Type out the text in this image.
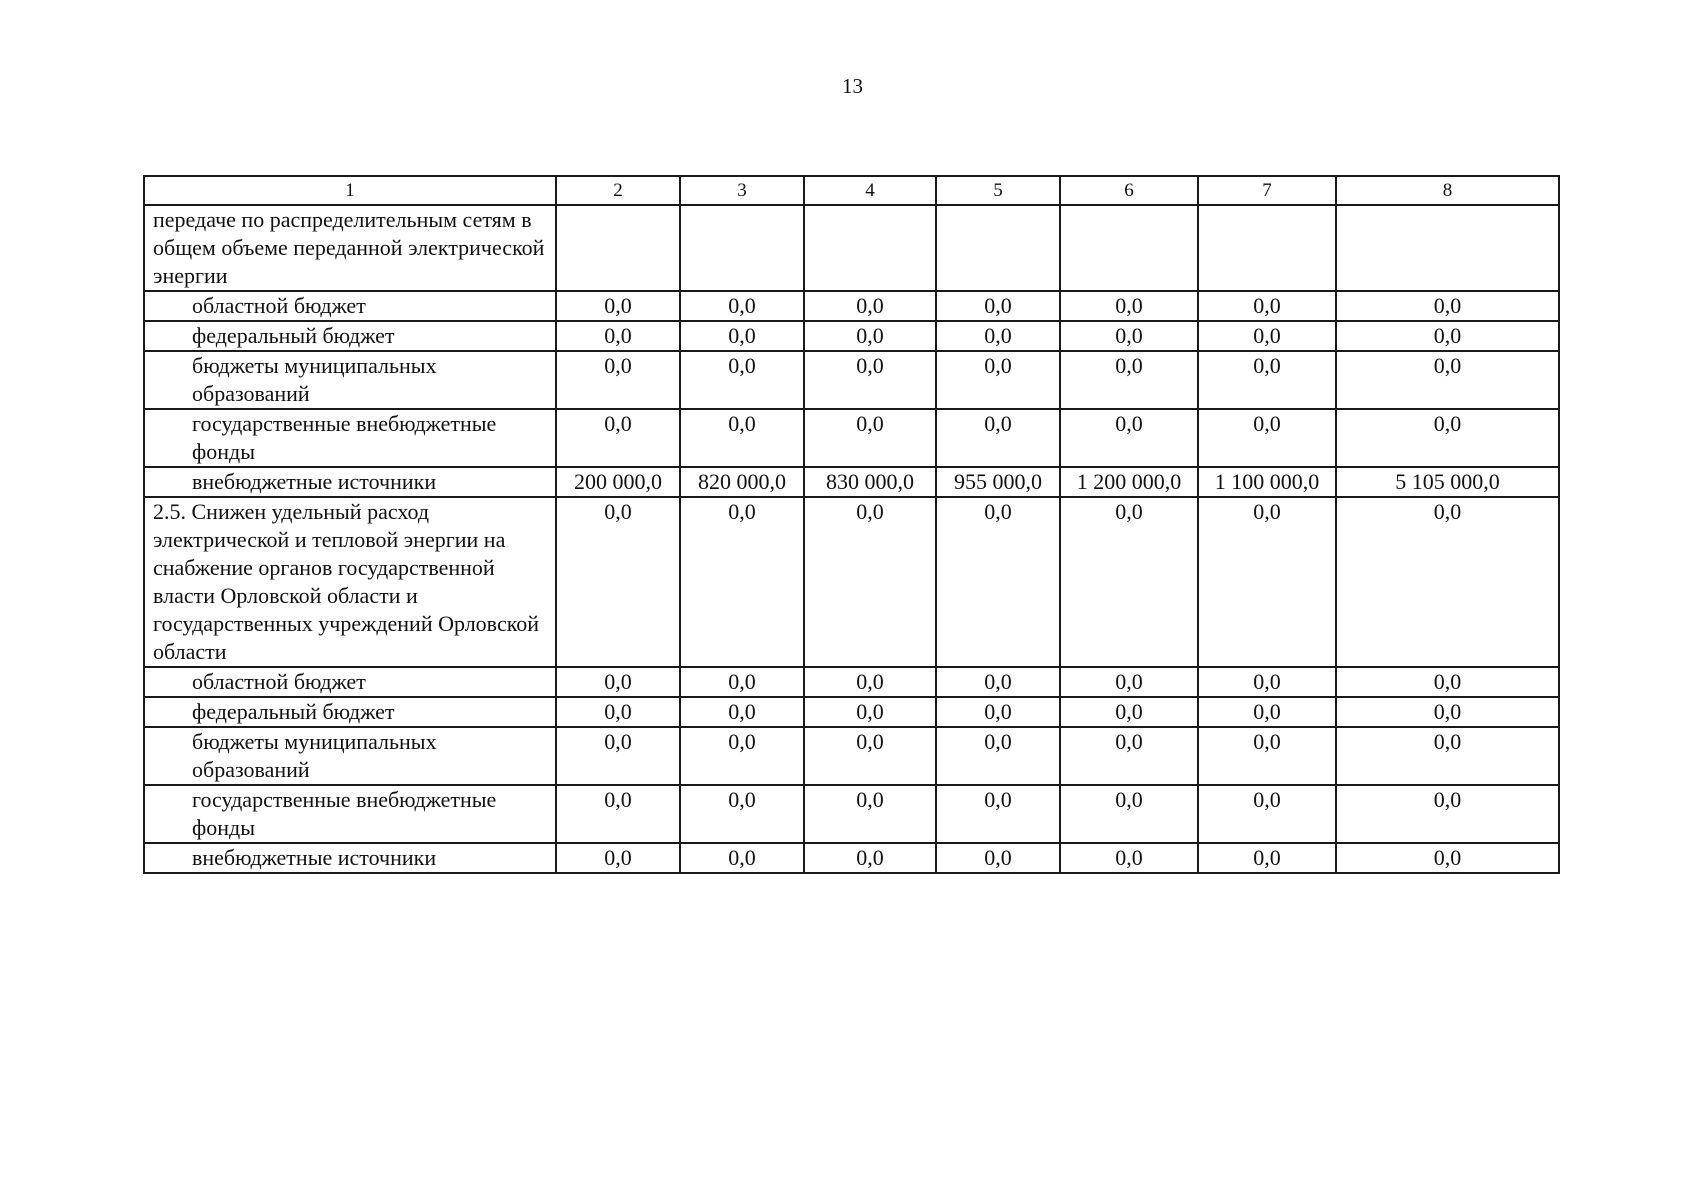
13
1	2	3	4	5	6	7	8
передаче по распределительным сетям в общем объеме переданной электрической энергии							
областной бюджет	0,0	0,0	0,0	0,0	0,0	0,0	0,0
федеральный бюджет	0,0	0,0	0,0	0,0	0,0	0,0	0,0
бюджеты муниципальных образований	0,0	0,0	0,0	0,0	0,0	0,0	0,0
государственные внебюджетные фонды	0,0	0,0	0,0	0,0	0,0	0,0	0,0
внебюджетные источники	200 000,0	820 000,0	830 000,0	955 000,0	1 200 000,0	1 100 000,0	5 105 000,0
2.5. Снижен удельный расход электрической и тепловой энергии на снабжение органов государственной власти Орловской области и государственных учреждений Орловской области	0,0	0,0	0,0	0,0	0,0	0,0	0,0
областной бюджет	0,0	0,0	0,0	0,0	0,0	0,0	0,0
федеральный бюджет	0,0	0,0	0,0	0,0	0,0	0,0	0,0
бюджеты муниципальных образований	0,0	0,0	0,0	0,0	0,0	0,0	0,0
государственные внебюджетные фонды	0,0	0,0	0,0	0,0	0,0	0,0	0,0
внебюджетные источники	0,0	0,0	0,0	0,0	0,0	0,0	0,0
